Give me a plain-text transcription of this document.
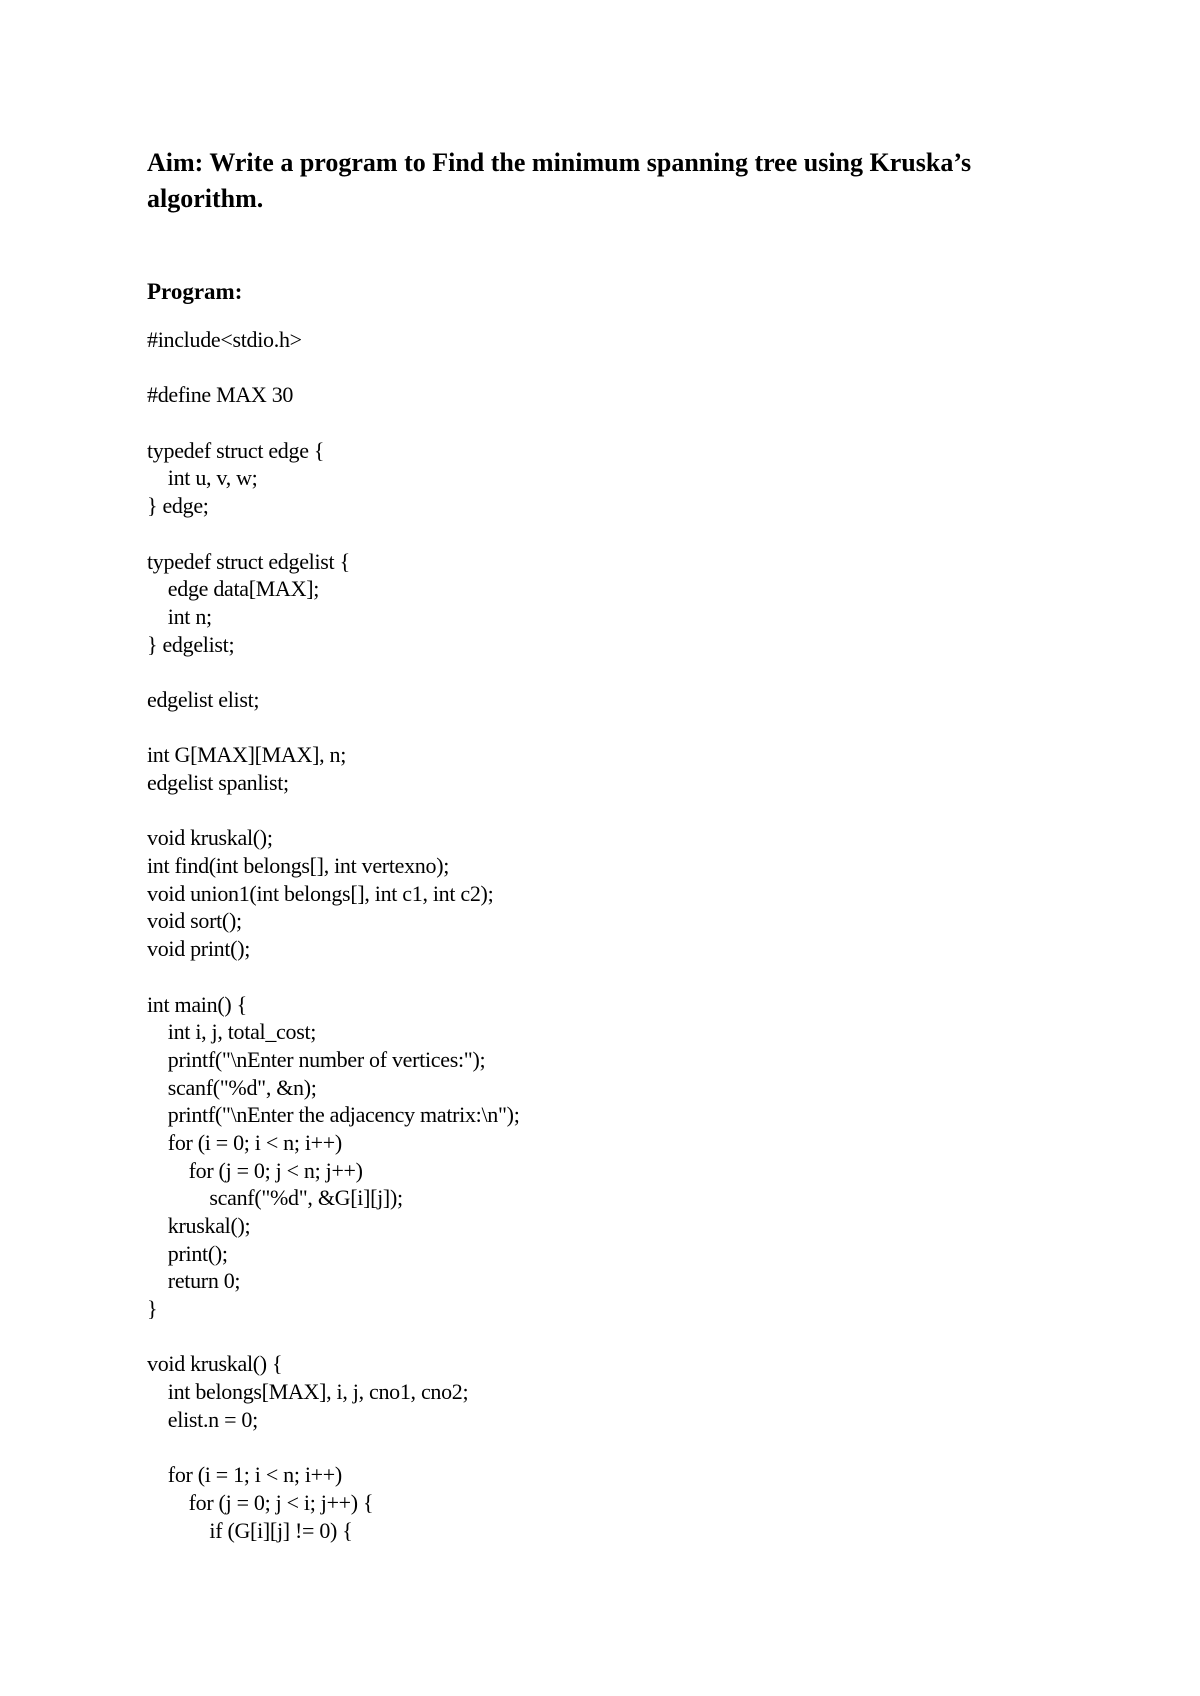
Aim: Write a program to Find the minimum spanning tree using Kruska’s algorithm.

Program:

#include<stdio.h>
#define MAX 30
typedef struct edge {
int u, v, w;
} edge;
typedef struct edgelist {
edge data[MAX];
int n;
} edgelist;
edgelist elist;
int G[MAX][MAX], n;
edgelist spanlist;
void kruskal();
int find(int belongs[], int vertexno);
void union1(int belongs[], int c1, int c2);
void sort();
void print();
int main() {
int i, j, total_cost;
printf("\nEnter number of vertices:");
scanf("%d", &n);
printf("\nEnter the adjacency matrix:\n");
for (i = 0; i < n; i++)
for (j = 0; j < n; j++)
scanf("%d", &G[i][j]);
kruskal();
print();
return 0;
}
void kruskal() {
int belongs[MAX], i, j, cno1, cno2;
elist.n = 0;
for (i = 1; i < n; i++)
for (j = 0; j < i; j++) {
if (G[i][j] != 0) {
